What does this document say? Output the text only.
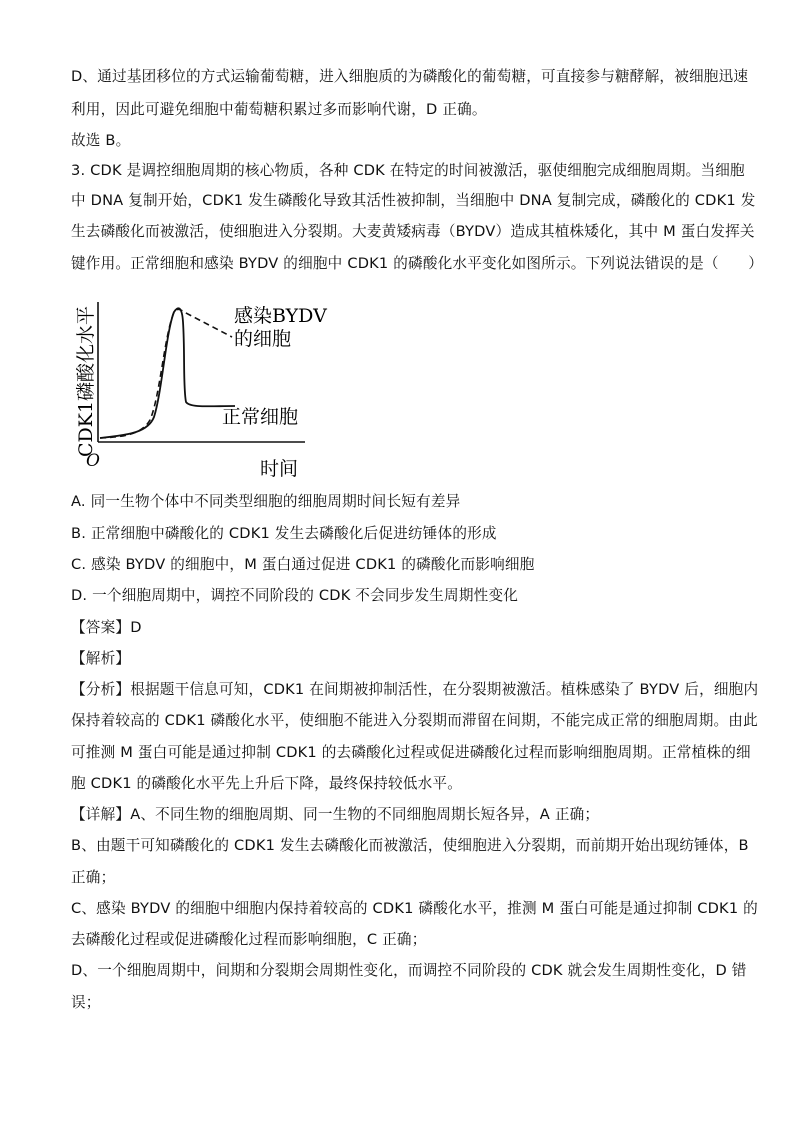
D、通过基团移位的方式运输葡萄糖，进入细胞质的为磷酸化的葡萄糖，可直接参与糖酵解，被细胞迅速
利用，因此可避免细胞中葡萄糖积累过多而影响代谢，D 正确。
故选 B。
3. CDK 是调控细胞周期的核心物质，各种 CDK 在特定的时间被激活，驱使细胞完成细胞周期。当细胞
中 DNA 复制开始，CDK1 发生磷酸化导致其活性被抑制，当细胞中 DNA 复制完成，磷酸化的 CDK1 发
生去磷酸化而被激活，使细胞进入分裂期。大麦黄矮病毒（BYDV）造成其植株矮化，其中 M 蛋白发挥关
键作用。正常细胞和感染 BYDV 的细胞中 CDK1 的磷酸化水平变化如图所示。下列说法错误的是（　　）
CDK1磷酸化水平
O	时间
感染BYDV
的细胞
正常细胞
A. 同一生物个体中不同类型细胞的细胞周期时间长短有差异
B. 正常细胞中磷酸化的 CDK1 发生去磷酸化后促进纺锤体的形成
C. 感染 BYDV 的细胞中，M 蛋白通过促进 CDK1 的磷酸化而影响细胞
D. 一个细胞周期中，调控不同阶段的 CDK 不会同步发生周期性变化
【答案】D
【解析】
【分析】根据题干信息可知，CDK1 在间期被抑制活性，在分裂期被激活。植株感染了 BYDV 后，细胞内
保持着较高的 CDK1 磷酸化水平，使细胞不能进入分裂期而滞留在间期，不能完成正常的细胞周期。由此
可推测 M 蛋白可能是通过抑制 CDK1 的去磷酸化过程或促进磷酸化过程而影响细胞周期。正常植株的细
胞 CDK1 的磷酸化水平先上升后下降，最终保持较低水平。
【详解】A、不同生物的细胞周期、同一生物的不同细胞周期长短各异，A 正确；
B、由题干可知磷酸化的 CDK1 发生去磷酸化而被激活，使细胞进入分裂期，而前期开始出现纺锤体，B
正确；
C、感染 BYDV 的细胞中细胞内保持着较高的 CDK1 磷酸化水平，推测 M 蛋白可能是通过抑制 CDK1 的
去磷酸化过程或促进磷酸化过程而影响细胞，C 正确；
D、一个细胞周期中，间期和分裂期会周期性变化，而调控不同阶段的 CDK 就会发生周期性变化，D 错
误；
